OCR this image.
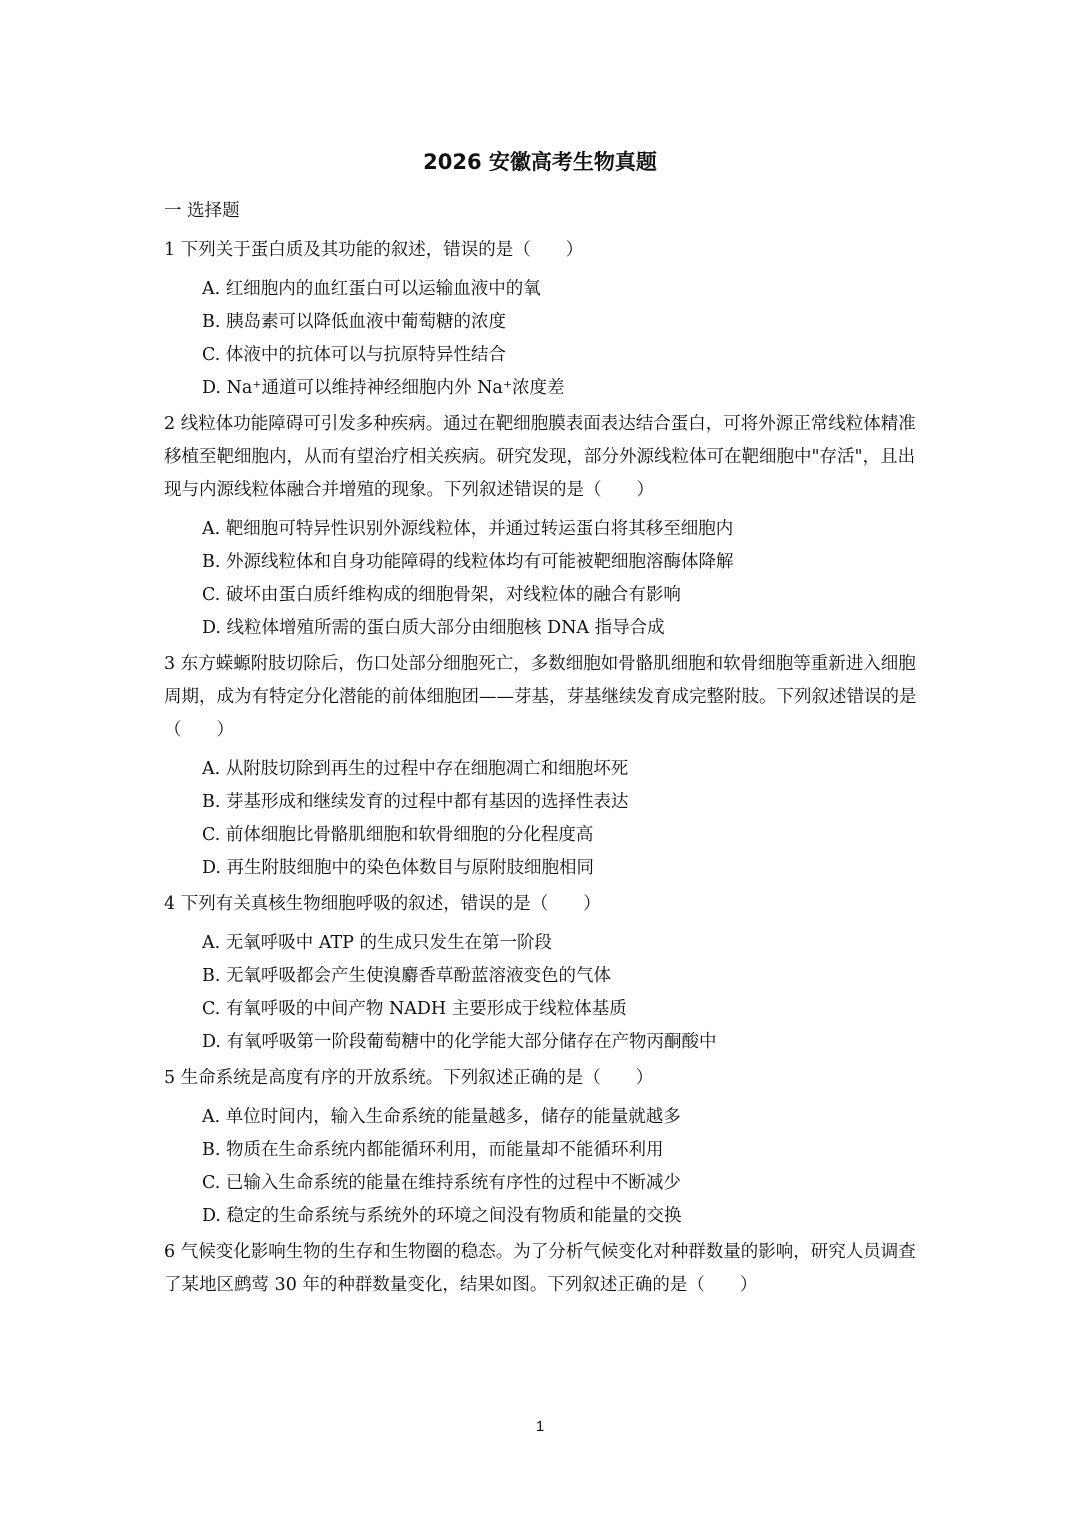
2026 安徽高考生物真题
一 选择题
1 下列关于蛋白质及其功能的叙述，错误的是（　　）
A. 红细胞内的血红蛋白可以运输血液中的氧
B. 胰岛素可以降低血液中葡萄糖的浓度
C. 体液中的抗体可以与抗原特异性结合
D. Na⁺通道可以维持神经细胞内外 Na⁺浓度差
2 线粒体功能障碍可引发多种疾病。通过在靶细胞膜表面表达结合蛋白，可将外源正常线粒体精准移植至靶细胞内，从而有望治疗相关疾病。研究发现，部分外源线粒体可在靶细胞中"存活"，且出现与内源线粒体融合并增殖的现象。下列叙述错误的是（　　）
A. 靶细胞可特异性识别外源线粒体，并通过转运蛋白将其移至细胞内
B. 外源线粒体和自身功能障碍的线粒体均有可能被靶细胞溶酶体降解
C. 破坏由蛋白质纤维构成的细胞骨架，对线粒体的融合有影响
D. 线粒体增殖所需的蛋白质大部分由细胞核 DNA 指导合成
3 东方蝾螈附肢切除后，伤口处部分细胞死亡，多数细胞如骨骼肌细胞和软骨细胞等重新进入细胞周期，成为有特定分化潜能的前体细胞团——芽基，芽基继续发育成完整附肢。下列叙述错误的是（　　）
A. 从附肢切除到再生的过程中存在细胞凋亡和细胞坏死
B. 芽基形成和继续发育的过程中都有基因的选择性表达
C. 前体细胞比骨骼肌细胞和软骨细胞的分化程度高
D. 再生附肢细胞中的染色体数目与原附肢细胞相同
4 下列有关真核生物细胞呼吸的叙述，错误的是（　　）
A. 无氧呼吸中 ATP 的生成只发生在第一阶段
B. 无氧呼吸都会产生使溴麝香草酚蓝溶液变色的气体
C. 有氧呼吸的中间产物 NADH 主要形成于线粒体基质
D. 有氧呼吸第一阶段葡萄糖中的化学能大部分储存在产物丙酮酸中
5 生命系统是高度有序的开放系统。下列叙述正确的是（　　）
A. 单位时间内，输入生命系统的能量越多，储存的能量就越多
B. 物质在生命系统内都能循环利用，而能量却不能循环利用
C. 已输入生命系统的能量在维持系统有序性的过程中不断减少
D. 稳定的生命系统与系统外的环境之间没有物质和能量的交换
6 气候变化影响生物的生存和生物圈的稳态。为了分析气候变化对种群数量的影响，研究人员调查了某地区鹧莺 30 年的种群数量变化，结果如图。下列叙述正确的是（　　）
1
